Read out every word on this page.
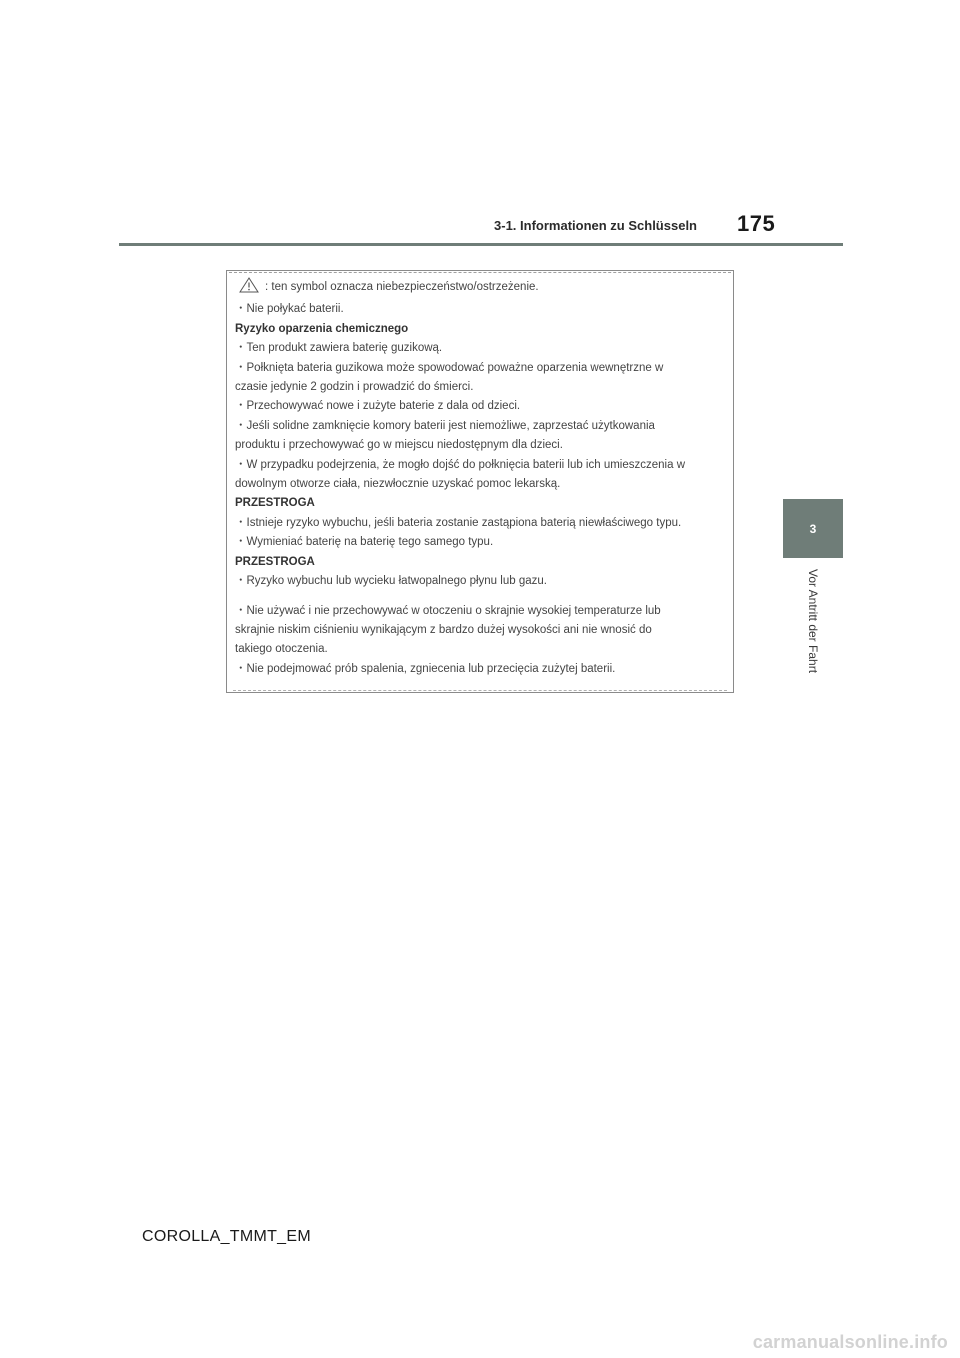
3-1. Informationen zu Schlüsseln 175
3
Vor Antritt der Fahrt

: ten symbol oznacza niebezpieczeństwo/ostrzeżenie.

・Nie połykać baterii.

Ryzyko oparzenia chemicznego

・Ten produkt zawiera baterię guzikową.

・Połknięta bateria guzikowa może spowodować poważne oparzenia wewnętrzne w

czasie jedynie 2 godzin i prowadzić do śmierci.

・Przechowywać nowe i zużyte baterie z dala od dzieci.

・Jeśli solidne zamknięcie komory baterii jest niemożliwe, zaprzestać użytkowania

produktu i przechowywać go w miejscu niedostępnym dla dzieci.

・W przypadku podejrzenia, że mogło dojść do połknięcia baterii lub ich umieszczenia w

dowolnym otworze ciała, niezwłocznie uzyskać pomoc lekarską.

PRZESTROGA

・Istnieje ryzyko wybuchu, jeśli bateria zostanie zastąpiona baterią niewłaściwego typu.

・Wymieniać baterię na baterię tego samego typu.

PRZESTROGA

・Ryzyko wybuchu lub wycieku łatwopalnego płynu lub gazu.

・Nie używać i nie przechowywać w otoczeniu o skrajnie wysokiej temperaturze lub

skrajnie niskim ciśnieniu wynikającym z bardzo dużej wysokości ani nie wnosić do

takiego otoczenia.

・Nie podejmować prób spalenia, zgniecenia lub przecięcia zużytej baterii.

COROLLA_TMMT_EM
carmanualsonline.info
